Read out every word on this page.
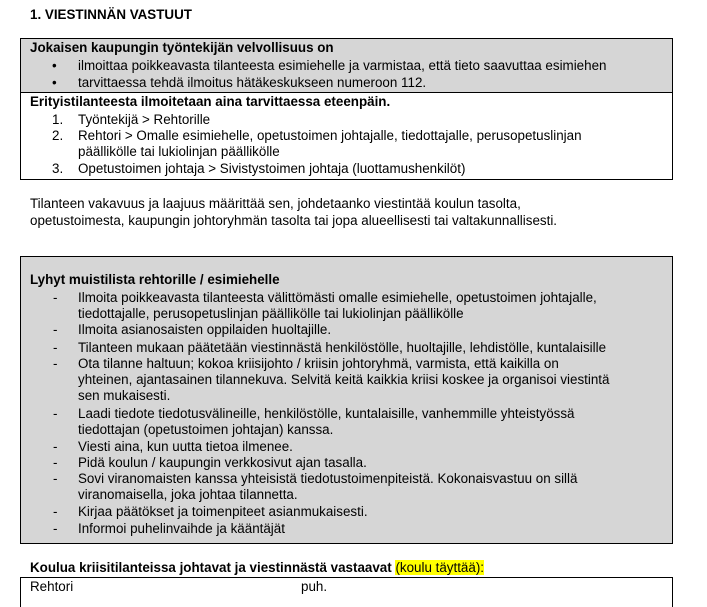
1. VIESTINNÄN VASTUUT
Jokaisen kaupungin työntekijän velvollisuus on
• ilmoittaa poikkeavasta tilanteesta esimiehelle ja varmistaa, että tieto saavuttaa esimiehen
• tarvittaessa tehdä ilmoitus hätäkeskukseen numeroon 112.
Erityistilanteesta ilmoitetaan aina tarvittaessa eteenpäin.
1. Työntekijä > Rehtorille
2. Rehtori > Omalle esimiehelle, opetustoimen johtajalle, tiedottajalle, perusopetuslinjan
päällikölle tai lukiolinjan päällikölle
3. Opetustoimen johtaja > Sivistystoimen johtaja (luottamushenkilöt)
Tilanteen vakavuus ja laajuus määrittää sen, johdetaanko viestintää koulun tasolta,
opetustoimesta, kaupungin johtoryhmän tasolta tai jopa alueellisesti tai valtakunnallisesti.
Lyhyt muistilista rehtorille / esimiehelle
- Ilmoita poikkeavasta tilanteesta välittömästi omalle esimiehelle, opetustoimen johtajalle,
tiedottajalle, perusopetuslinjan päällikölle tai lukiolinjan päällikölle
- Ilmoita asianosaisten oppilaiden huoltajille.
- Tilanteen mukaan päätetään viestinnästä henkilöstölle, huoltajille, lehdistölle, kuntalaisille
- Ota tilanne haltuun; kokoa kriisijohto / kriisin johtoryhmä, varmista, että kaikilla on
yhteinen, ajantasainen tilannekuva. Selvitä keitä kaikkia kriisi koskee ja organisoi viestintä
sen mukaisesti.
- Laadi tiedote tiedotusvälineille, henkilöstölle, kuntalaisille, vanhemmille yhteistyössä
tiedottajan (opetustoimen johtajan) kanssa.
- Viesti aina, kun uutta tietoa ilmenee.
- Pidä koulun / kaupungin verkkosivut ajan tasalla.
- Sovi viranomaisten kanssa yhteisistä tiedotustoimenpiteistä. Kokonaisvastuu on sillä
viranomaisella, joka johtaa tilannetta.
- Kirjaa päätökset ja toimenpiteet asianmukaisesti.
- Informoi puhelinvaihde ja kääntäjät
Koulua kriisitilanteissa johtavat ja viestinnästä vastaavat (koulu täyttää):
Rehtori	puh.
